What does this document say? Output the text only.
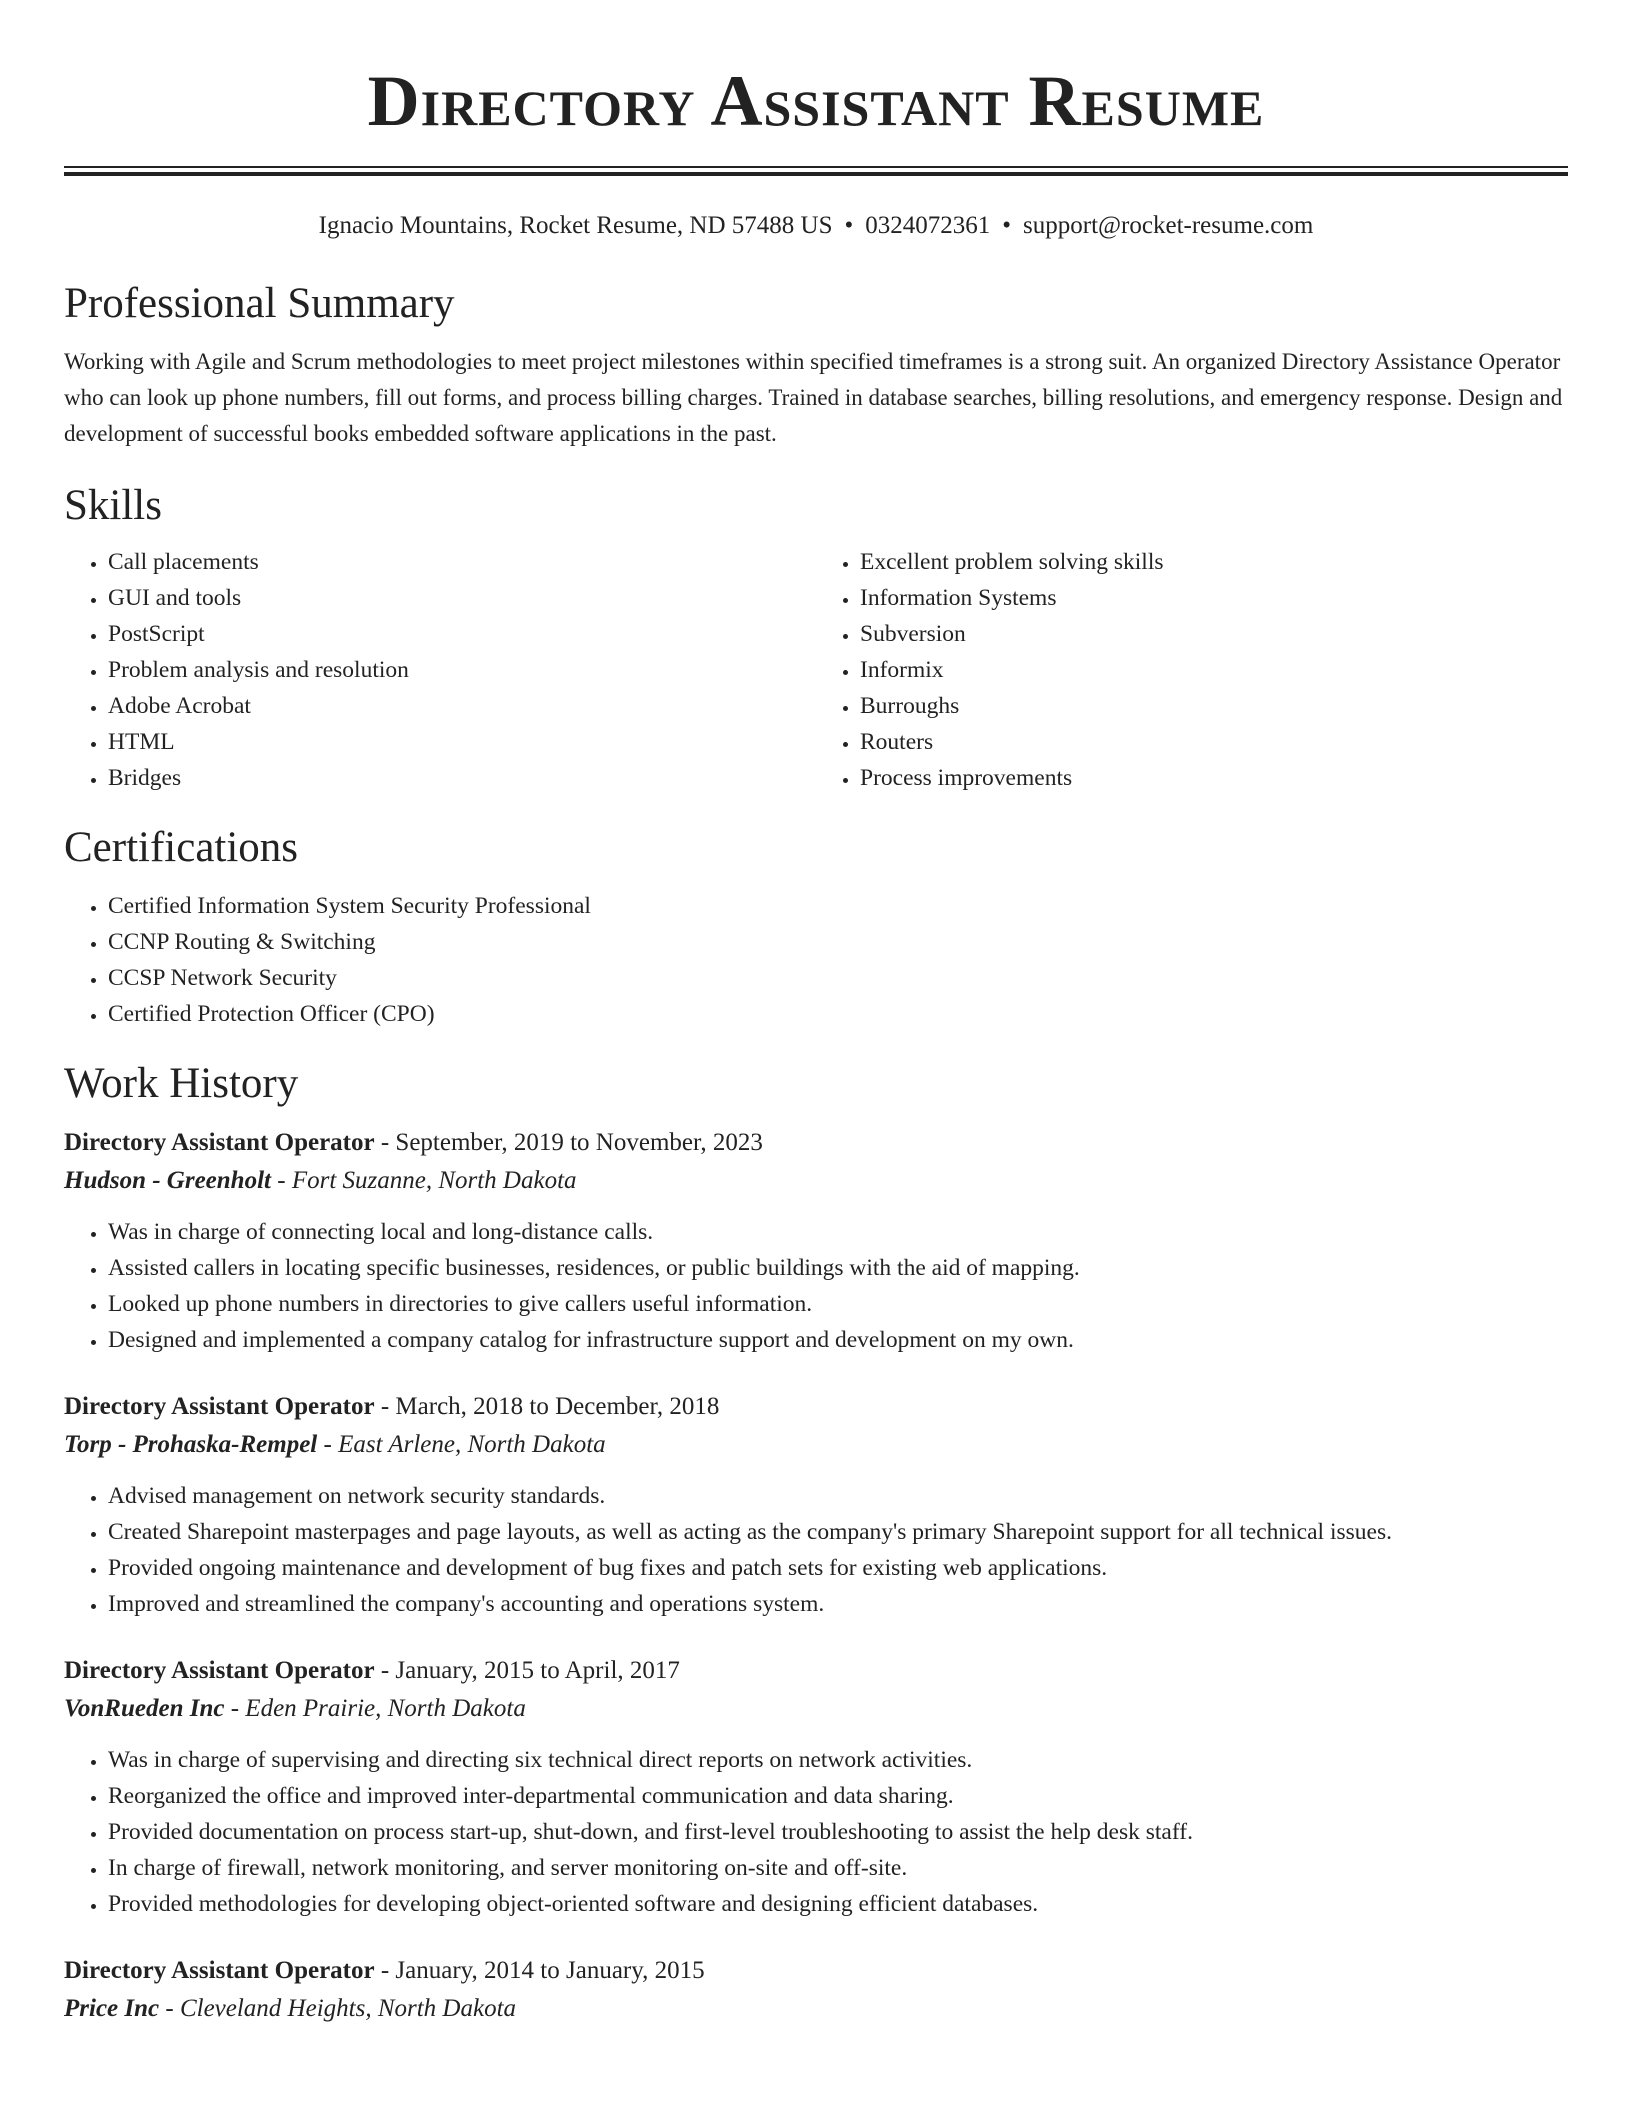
Directory Assistant Resume
Ignacio Mountains, Rocket Resume, ND 57488 US • 0324072361 • support@rocket-resume.com
Professional Summary

Working with Agile and Scrum methodologies to meet project milestones within specified timeframes is a strong suit. An organized Directory Assistance Operator who can look up phone numbers, fill out forms, and process billing charges. Trained in database searches, billing resolutions, and emergency response. Design and development of successful books embedded software applications in the past.

Skills
• Call placements
• GUI and tools
• PostScript
• Problem analysis and resolution
• Adobe Acrobat
• HTML
• Bridges
• Excellent problem solving skills
• Information Systems
• Subversion
• Informix
• Burroughs
• Routers
• Process improvements
Certifications
• Certified Information System Security Professional
• CCNP Routing & Switching
• CCSP Network Security
• Certified Protection Officer (CPO)
Work History
Directory Assistant Operator - September, 2019 to November, 2023
Hudson - Greenholt - Fort Suzanne, North Dakota
• Was in charge of connecting local and long-distance calls.
• Assisted callers in locating specific businesses, residences, or public buildings with the aid of mapping.
• Looked up phone numbers in directories to give callers useful information.
• Designed and implemented a company catalog for infrastructure support and development on my own.
Directory Assistant Operator - March, 2018 to December, 2018
Torp - Prohaska-Rempel - East Arlene, North Dakota
• Advised management on network security standards.
• Created Sharepoint masterpages and page layouts, as well as acting as the company's primary Sharepoint support for all technical issues.
• Provided ongoing maintenance and development of bug fixes and patch sets for existing web applications.
• Improved and streamlined the company's accounting and operations system.
Directory Assistant Operator - January, 2015 to April, 2017
VonRueden Inc - Eden Prairie, North Dakota
• Was in charge of supervising and directing six technical direct reports on network activities.
• Reorganized the office and improved inter-departmental communication and data sharing.
• Provided documentation on process start-up, shut-down, and first-level troubleshooting to assist the help desk staff.
• In charge of firewall, network monitoring, and server monitoring on-site and off-site.
• Provided methodologies for developing object-oriented software and designing efficient databases.
Directory Assistant Operator - January, 2014 to January, 2015
Price Inc - Cleveland Heights, North Dakota
